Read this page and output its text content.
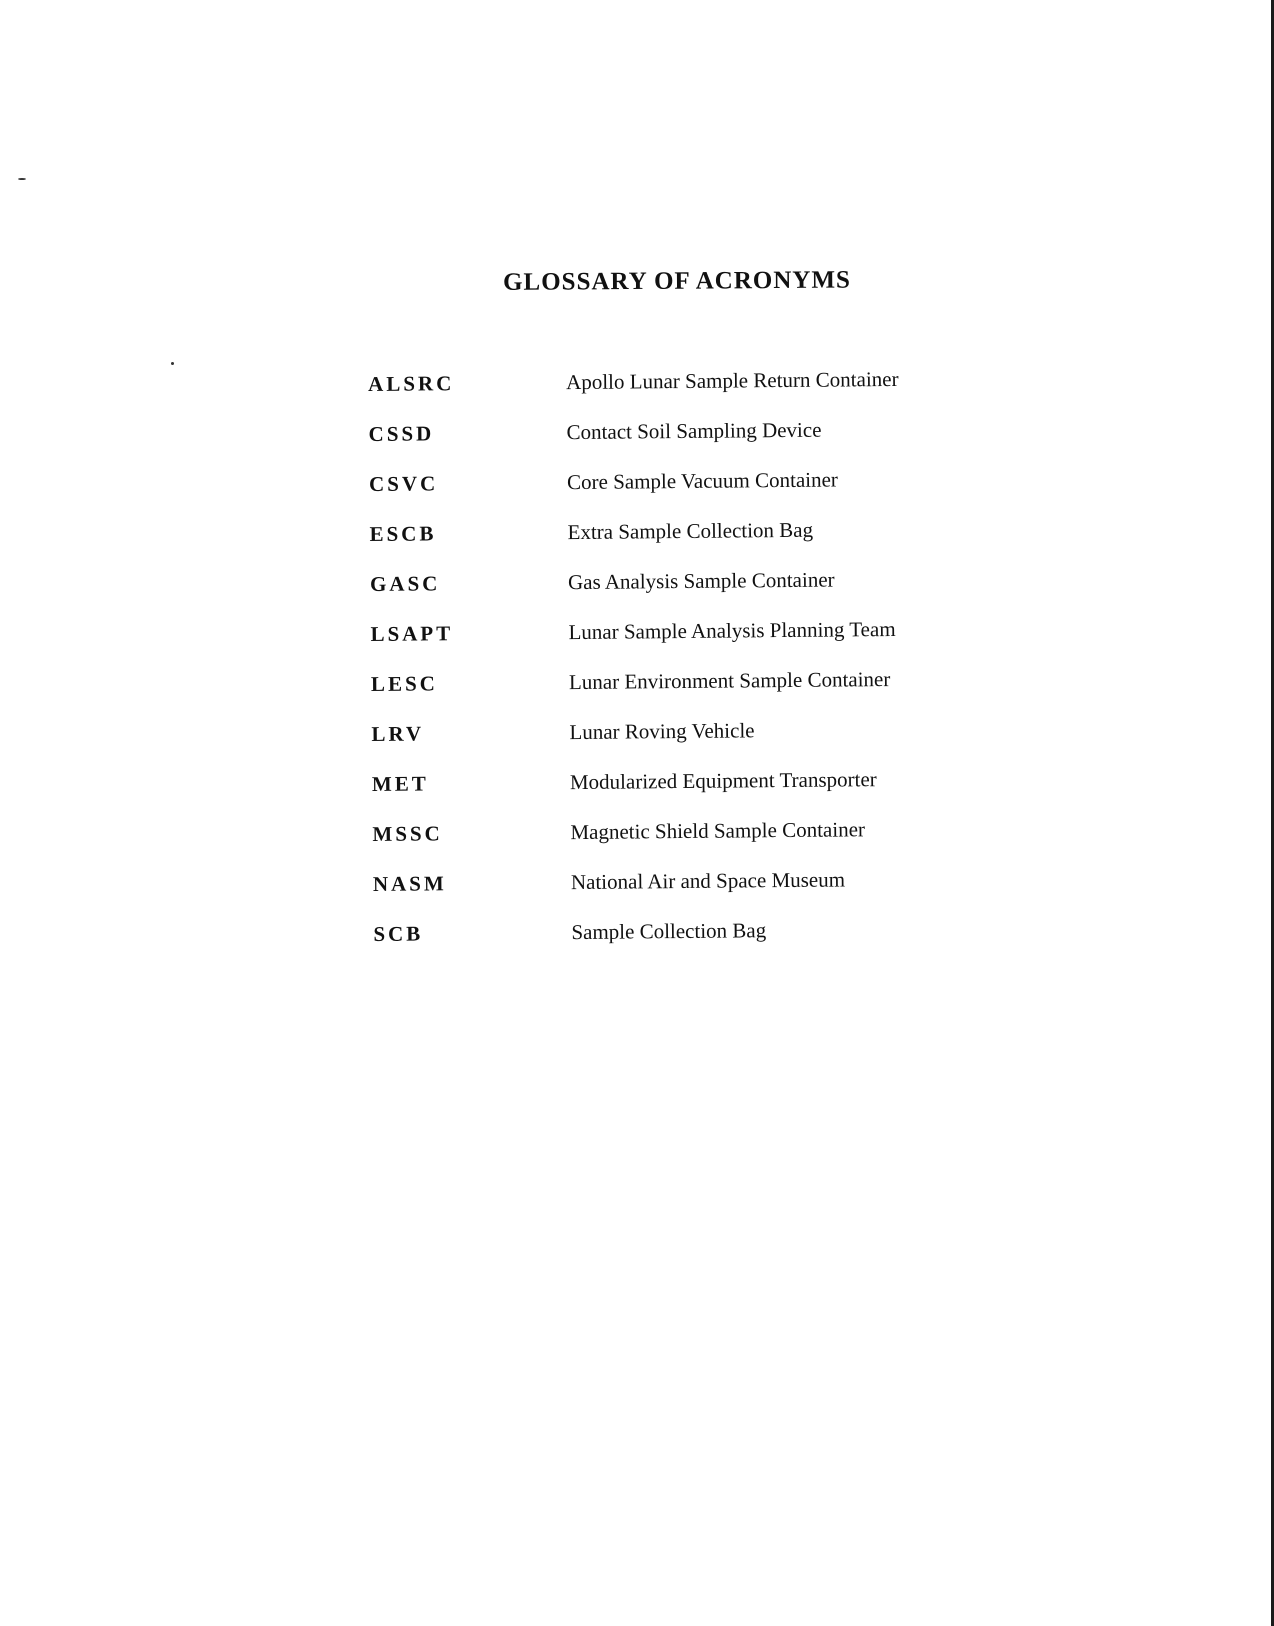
GLOSSARY OF ACRONYMS
ALSRC	Apollo Lunar Sample Return Container
CSSD	Contact Soil Sampling Device
CSVC	Core Sample Vacuum Container
ESCB	Extra Sample Collection Bag
GASC	Gas Analysis Sample Container
LSAPT	Lunar Sample Analysis Planning Team
LESC	Lunar Environment Sample Container
LRV	Lunar Roving Vehicle
MET	Modularized Equipment Transporter
MSSC	Magnetic Shield Sample Container
NASM	National Air and Space Museum
SCB	Sample Collection Bag
